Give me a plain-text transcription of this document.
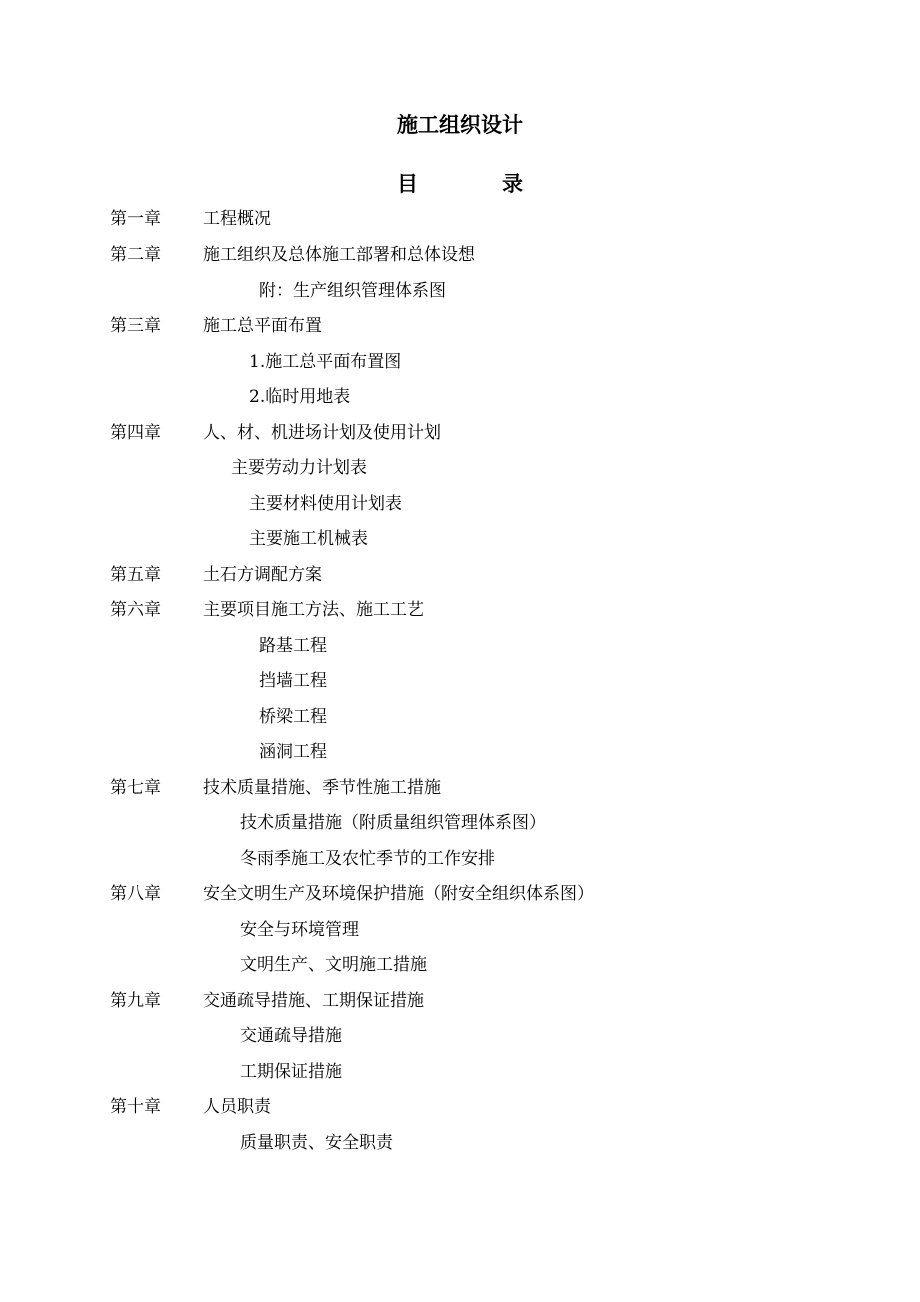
施工组织设计
目	录
第一章 工程概况
第二章 施工组织及总体施工部署和总体设想
附：生产组织管理体系图
第三章 施工总平面布置
1.施工总平面布置图
2.临时用地表
第四章 人、材、机进场计划及使用计划
主要劳动力计划表
主要材料使用计划表
主要施工机械表
第五章 土石方调配方案
第六章 主要项目施工方法、施工工艺
路基工程
挡墙工程
桥梁工程
涵洞工程
第七章 技术质量措施、季节性施工措施
技术质量措施（附质量组织管理体系图）
冬雨季施工及农忙季节的工作安排
第八章 安全文明生产及环境保护措施（附安全组织体系图）
安全与环境管理
文明生产、文明施工措施
第九章 交通疏导措施、工期保证措施
交通疏导措施
工期保证措施
第十章 人员职责
质量职责、安全职责
